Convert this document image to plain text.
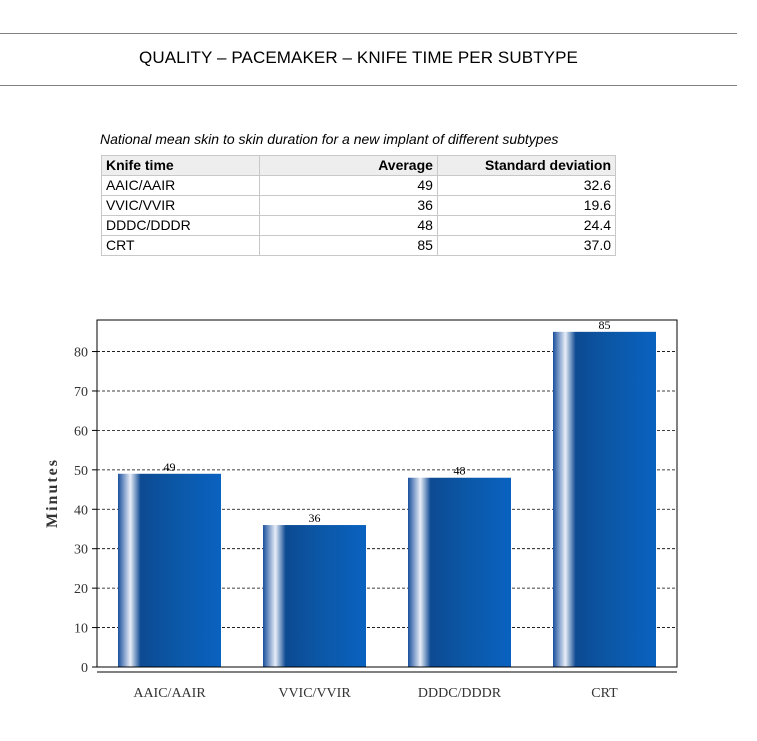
QUALITY – PACEMAKER – KNIFE TIME PER SUBTYPE
National mean skin to skin duration for a new implant of different subtypes
Knife time	Average	Standard deviation
AAIC/AAIR	49	32.6
VVIC/VVIR	36	19.6
DDDC/DDDR	48	24.4
CRT	85	37.0
49
36
48
85
0
10
20
30
40
50
60
70
80
AAIC/AAIR	VVIC/VVIR	DDDC/DDDR	CRT
Minutes
